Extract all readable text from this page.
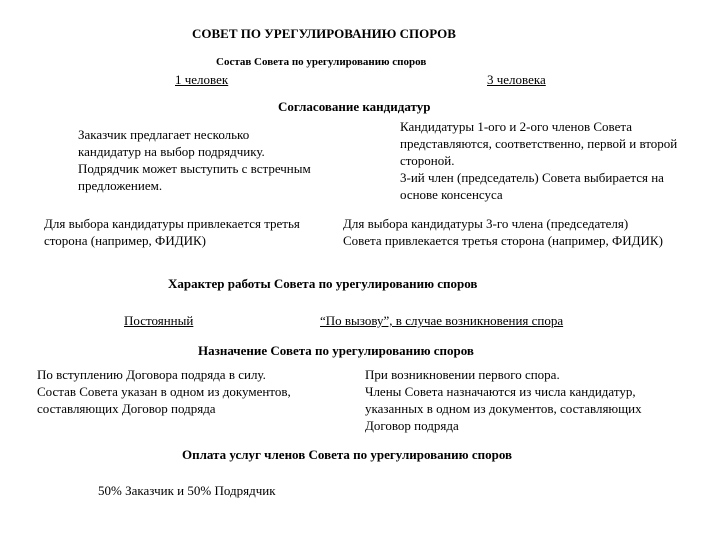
СОВЕТ ПО УРЕГУЛИРОВАНИЮ СПОРОВ
Состав Совета по урегулированию споров
1 человек	3 человека
Согласование кандидатур
Заказчик предлагает несколько
кандидатур на выбор подрядчику.
Подрядчик может выступить с встречным
предложением.
Кандидатуры 1-ого и 2-ого членов Совета
представляются, соответственно, первой и второй
стороной.
3-ий член (председатель) Совета выбирается на
основе консенсуса
Для выбора кандидатуры привлекается третья
сторона (например, ФИДИК)
Для выбора кандидатуры 3-го члена (председателя)
Совета привлекается третья сторона (например, ФИДИК)
Характер работы Совета по урегулированию споров
Постоянный	“По вызову”, в случае возникновения спора
Назначение Совета по урегулированию споров
По вступлению Договора подряда в силу.
Состав Совета указан в одном из документов,
составляющих Договор подряда
При возникновении первого спора.
Члены Совета назначаются из числа кандидатур,
указанных в одном из документов, составляющих
Договор подряда
Оплата услуг членов Совета по урегулированию споров
50% Заказчик и 50% Подрядчик
